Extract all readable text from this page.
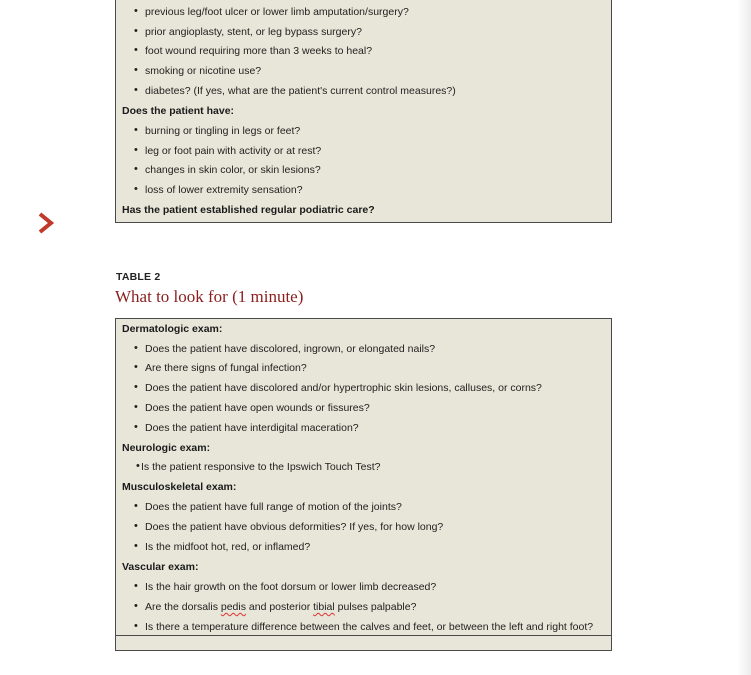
• previous leg/foot ulcer or lower limb amputation/surgery?
• prior angioplasty, stent, or leg bypass surgery?
• foot wound requiring more than 3 weeks to heal?
• smoking or nicotine use?
• diabetes? (If yes, what are the patient's current control measures?)
Does the patient have:
• burning or tingling in legs or feet?
• leg or foot pain with activity or at rest?
• changes in skin color, or skin lesions?
• loss of lower extremity sensation?
Has the patient established regular podiatric care?
TABLE 2
What to look for (1 minute)
Dermatologic exam:
• Does the patient have discolored, ingrown, or elongated nails?
• Are there signs of fungal infection?
• Does the patient have discolored and/or hypertrophic skin lesions, calluses, or corns?
• Does the patient have open wounds or fissures?
• Does the patient have interdigital maceration?
Neurologic exam:
• Is the patient responsive to the Ipswich Touch Test?
Musculoskeletal exam:
• Does the patient have full range of motion of the joints?
• Does the patient have obvious deformities? If yes, for how long?
• Is the midfoot hot, red, or inflamed?
Vascular exam:
• Is the hair growth on the foot dorsum or lower limb decreased?
• Are the dorsalis pedis and posterior tibial pulses palpable?
• Is there a temperature difference between the calves and feet, or between the left and right foot?
